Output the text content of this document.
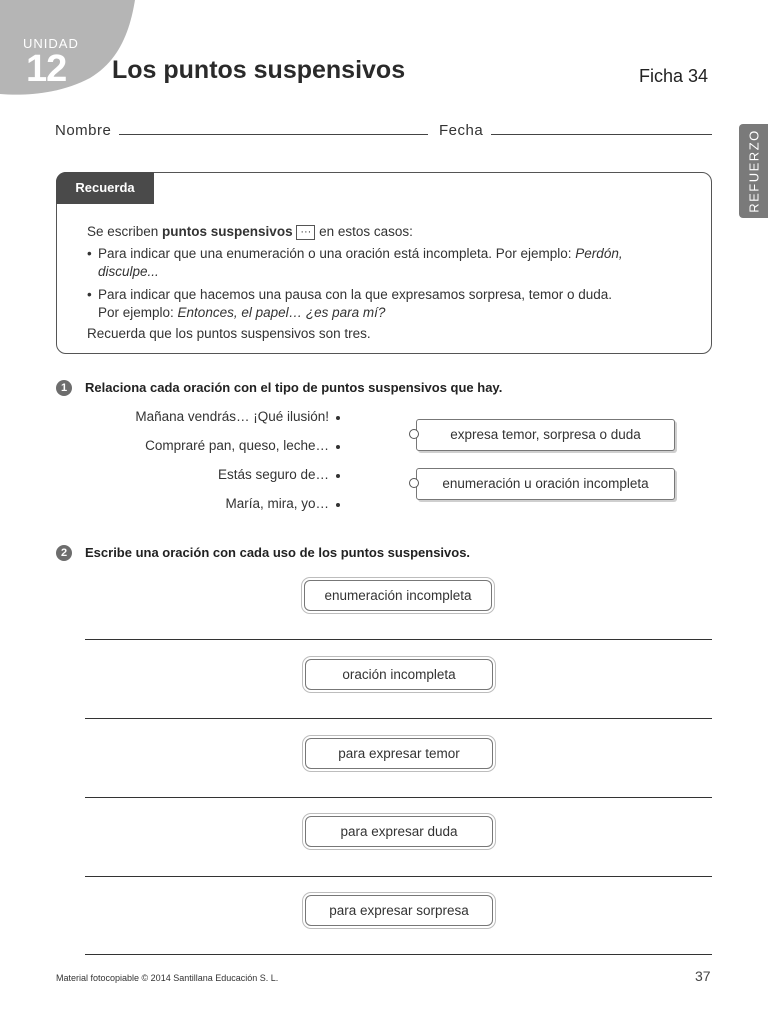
UNIDAD
12 Los puntos suspensivos	Ficha 34
REFUERZO
Nombre	Fecha
Recuerda
Se escriben puntos suspensivos ··· en estos casos:
• Para indicar que una enumeración o una oración está incompleta. Por ejemplo: Perdón,
disculpe...
• Para indicar que hacemos una pausa con la que expresamos sorpresa, temor o duda.
Por ejemplo: Entonces, el papel… ¿es para mí?
Recuerda que los puntos suspensivos son tres.
1	Relaciona cada oración con el tipo de puntos suspensivos que hay.
Mañana vendrás… ¡Qué ilusión!
Compraré pan, queso, leche…
Estás seguro de…
María, mira, yo…
expresa temor, sorpresa o duda
enumeración u oración incompleta
2	Escribe una oración con cada uso de los puntos suspensivos.
enumeración incompleta
oración incompleta
para expresar temor
para expresar duda
para expresar sorpresa
Material fotocopiable © 2014 Santillana Educación S. L.	37
